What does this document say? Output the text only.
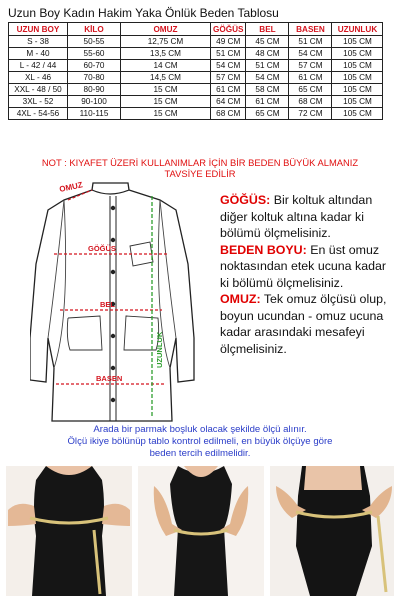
Uzun Boy Kadın Hakim Yaka Önlük Beden Tablosu
UZUN BOY	KİLO	OMUZ	GÖĞÜS	BEL	BASEN	UZUNLUK
S - 38	50-55	12,75 CM	49 CM	45 CM	51 CM	105 CM
M - 40	55-60	13,5 CM	51 CM	48 CM	54 CM	105 CM
L - 42 / 44	60-70	14 CM	54 CM	51 CM	57 CM	105 CM
XL - 46	70-80	14,5 CM	57 CM	54 CM	61 CM	105 CM
XXL - 48 / 50	80-90	15 CM	61 CM	58 CM	65 CM	105 CM
3XL - 52	90-100	15 CM	64 CM	61 CM	68 CM	105 CM
4XL - 54-56	110-115	15 CM	68 CM	65 CM	72 CM	105 CM
NOT : KIYAFET ÜZERİ KULLANIMLAR İÇİN BİR BEDEN BÜYÜK ALMANIZ
TAVSİYE EDİLİR
OMUZ
GÖĞÜS
BEL
BASEN
UZUNLUK
GÖĞÜS: Bir koltuk altından diğer koltuk altına kadar ki bölümü ölçmelisiniz.
BEDEN BOYU: En üst omuz noktasından etek ucuna kadar ki bölümü ölçmelisiniz.
OMUZ: Tek omuz ölçüsü olup, boyun ucundan - omuz ucuna kadar arasındaki mesafeyi ölçmelisiniz.
Arada bir parmak boşluk olacak şekilde ölçü alınır.
Ölçü ikiye bölünüp tablo kontrol edilmeli, en büyük ölçüye göre
beden tercih edilmelidir.
